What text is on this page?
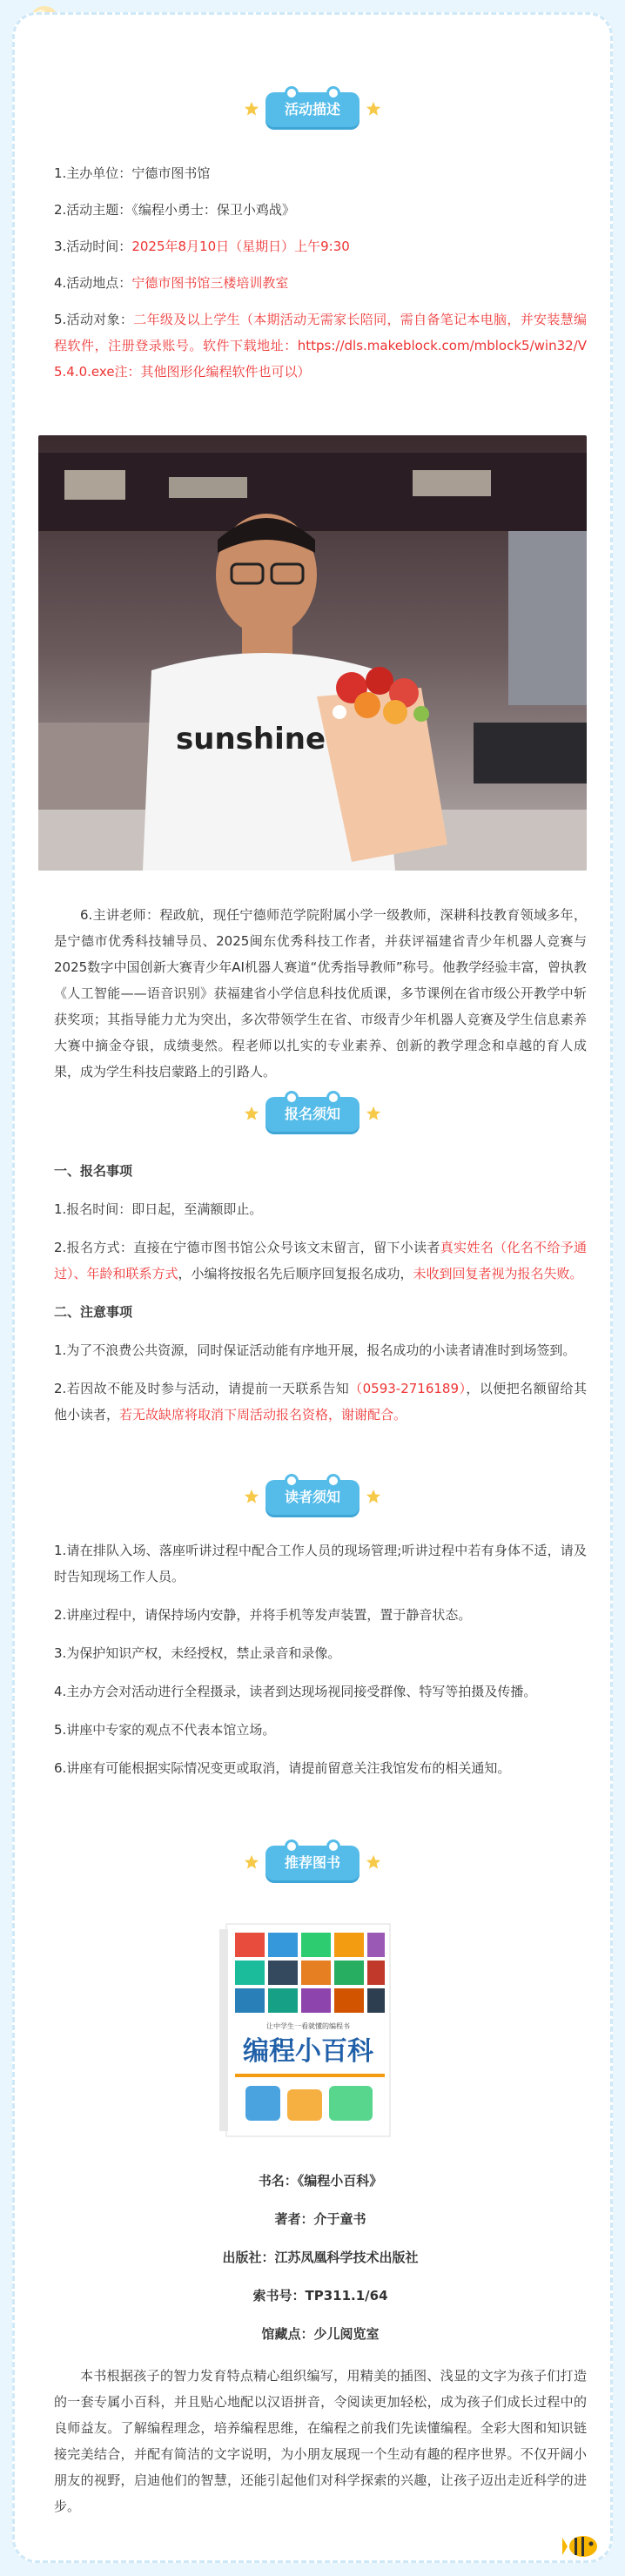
活动描述

1.主办单位：宁德市图书馆

2.活动主题：《编程小勇士：保卫小鸡战》

3.活动时间：2025年8月10日（星期日）上午9:30

4.活动地点：宁德市图书馆三楼培训教室

5.活动对象：二年级及以上学生（本期活动无需家长陪同，需自备笔记本电脑，并安装慧编程软件，注册登录账号。软件下载地址：https://dls.makeblock.com/mblock5/win32/V5.4.0.exe注：其他图形化编程软件也可以）

sunshine

6.主讲老师：程政航，现任宁德师范学院附属小学一级教师，深耕科技教育领域多年，是宁德市优秀科技辅导员、2025闽东优秀科技工作者，并获评福建省青少年机器人竞赛与2025数字中国创新大赛青少年AI机器人赛道“优秀指导教师”称号。他教学经验丰富，曾执教《人工智能——语音识别》获福建省小学信息科技优质课，多节课例在省市级公开教学中斩获奖项；其指导能力尤为突出，多次带领学生在省、市级青少年机器人竞赛及学生信息素养大赛中摘金夺银，成绩斐然。程老师以扎实的专业素养、创新的教学理念和卓越的育人成果，成为学生科技启蒙路上的引路人。

报名须知

一、报名事项

1.报名时间：即日起，至满额即止。

2.报名方式：直接在宁德市图书馆公众号该文末留言，留下小读者真实姓名（化名不给予通过）、年龄和联系方式，小编将按报名先后顺序回复报名成功，未收到回复者视为报名失败。

二、注意事项

1.为了不浪费公共资源，同时保证活动能有序地开展，报名成功的小读者请准时到场签到。

2.若因故不能及时参与活动，请提前一天联系告知（0593-2716189），以便把名额留给其他小读者，若无故缺席将取消下周活动报名资格，谢谢配合。

读者须知

1.请在排队入场、落座听讲过程中配合工作人员的现场管理;听讲过程中若有身体不适，请及时告知现场工作人员。

2.讲座过程中，请保持场内安静，并将手机等发声装置，置于静音状态。

3.为保护知识产权，未经授权，禁止录音和录像。

4.主办方会对活动进行全程摄录，读者到达现场视同接受群像、特写等拍摄及传播。

5.讲座中专家的观点不代表本馆立场。

6.讲座有可能根据实际情况变更或取消，请提前留意关注我馆发布的相关通知。

推荐图书
让中学生一看就懂的编程书
编程小百科

书名：《编程小百科》

著者：介于童书

出版社：江苏凤凰科学技术出版社

索书号：TP311.1/64

馆藏点：少儿阅览室

本书根据孩子的智力发育特点精心组织编写，用精美的插图、浅显的文字为孩子们打造的一套专属小百科，并且贴心地配以汉语拼音，令阅读更加轻松，成为孩子们成长过程中的良师益友。了解编程理念，培养编程思维，在编程之前我们先读懂编程。全彩大图和知识链接完美结合，并配有简洁的文字说明，为小朋友展现一个生动有趣的程序世界。不仅开阔小朋友的视野，启迪他们的智慧，还能引起他们对科学探索的兴趣，让孩子迈出走近科学的进步。
